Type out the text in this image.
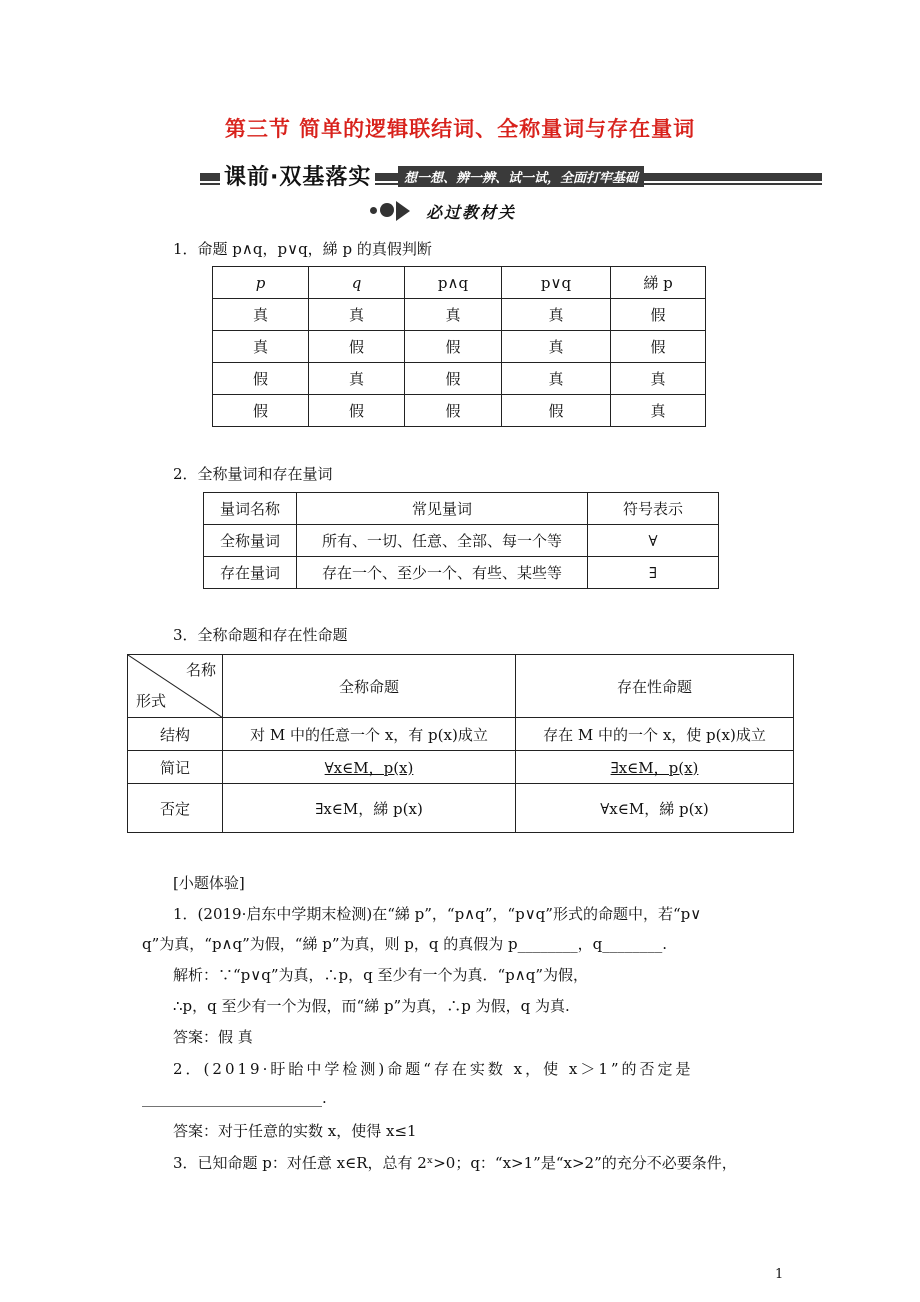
第三节 简单的逻辑联结词、全称量词与存在量词
课前·双基落实	想一想、辨一辨、试一试，全面打牢基础
必过教材关
1．命题 p∧q，p∨q，綈 p 的真假判断
p	q	p∧q	p∨q	綈 p
真	真	真	真	假
真	假	假	真	假
假	真	假	真	真
假	假	假	假	真
2．全称量词和存在量词
量词名称	常见量词	符号表示
全称量词	所有、一切、任意、全部、每一个等	∀
存在量词	存在一个、至少一个、有些、某些等	∃
3．全称命题和存在性命题
名称
形式	全称命题	存在性命题
结构	对 M 中的任意一个 x，有 p(x)成立	存在 M 中的一个 x，使 p(x)成立
简记	∀x∈M，p(x)	∃x∈M，p(x)
否定	∃x∈M，綈 p(x)	∀x∈M，綈 p(x)
[小题体验]
1．(2019·启东中学期末检测)在“綈 p”，“p∧q”，“p∨q”形式的命题中，若“p∨
q”为真，“p∧q”为假，“綈 p”为真，则 p，q 的真假为 p________，q________.
解析：∵“p∨q”为真，∴p，q 至少有一个为真．“p∧q”为假，
∴p，q 至少有一个为假，而“綈 p”为真，∴p 为假，q 为真.
答案：假 真
2．(2019·盱眙中学检测)命题“存在实数 x，使 x＞1”的否定是
________________________.
答案：对于任意的实数 x，使得 x≤1
3．已知命题 p：对任意 x∈R，总有 2ˣ>0；q：“x>1”是“x>2”的充分不必要条件，
1
